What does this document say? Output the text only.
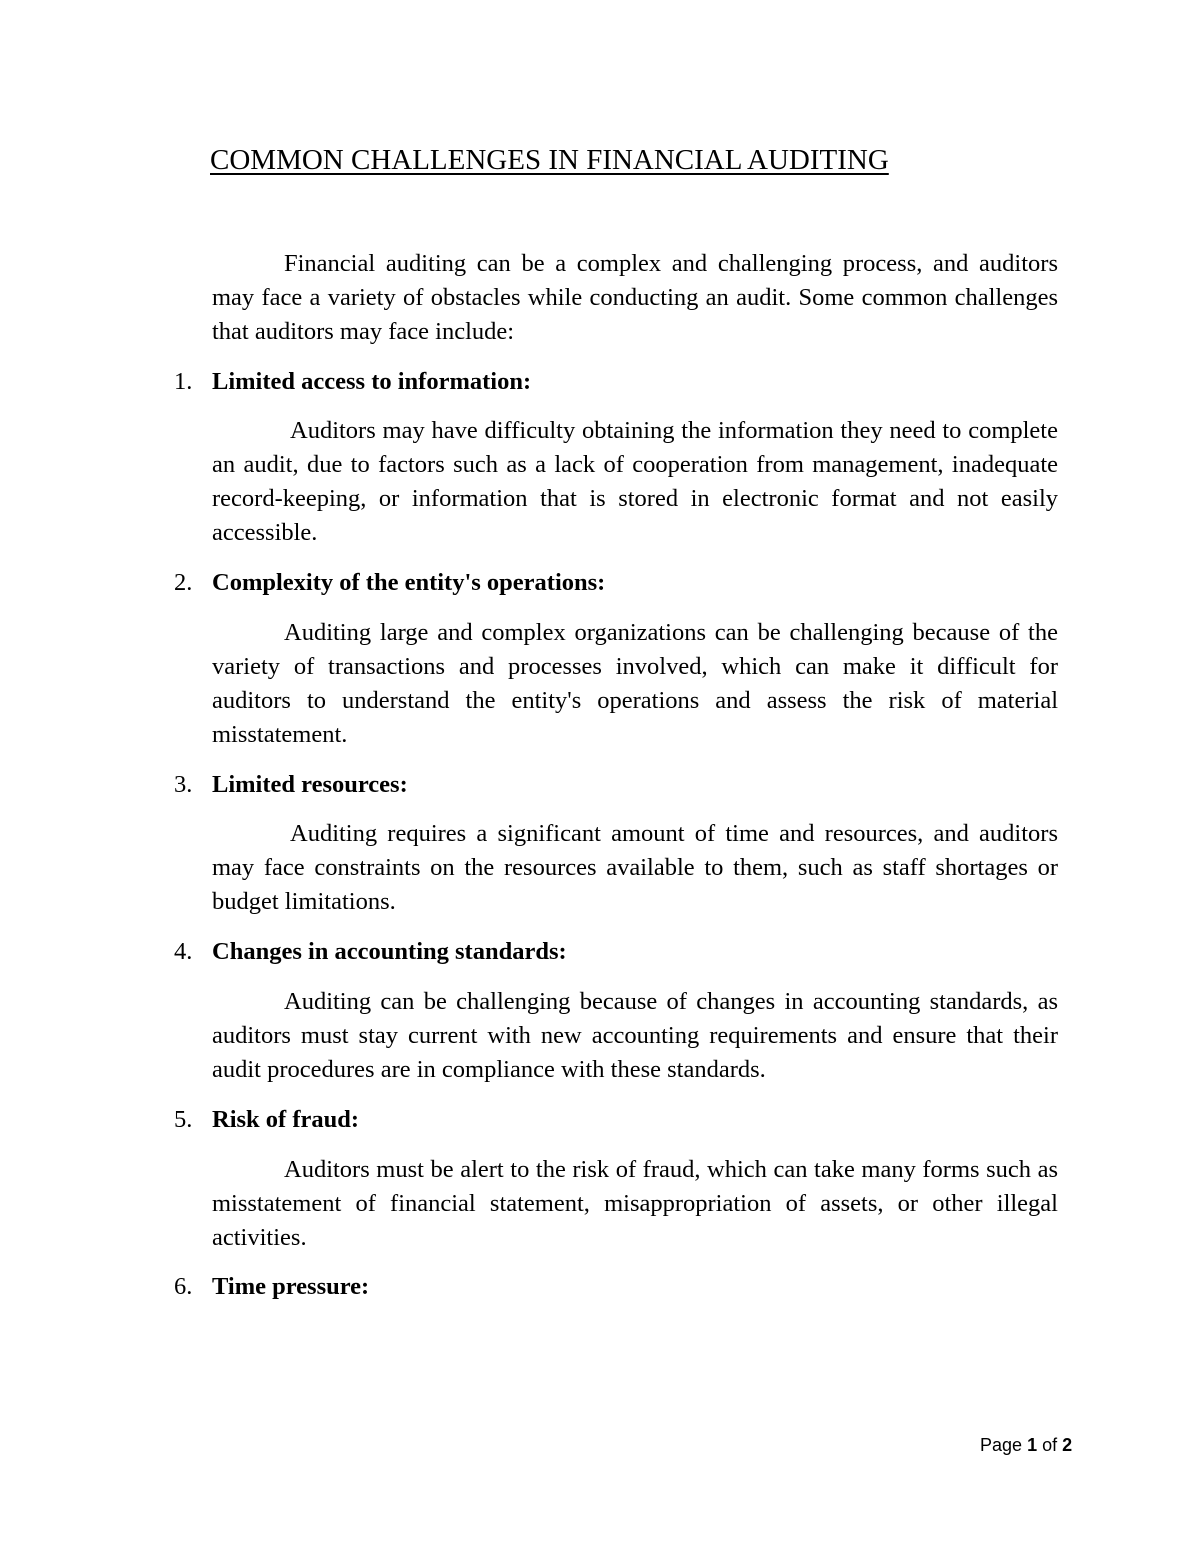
COMMON CHALLENGES IN FINANCIAL AUDITING

Financial auditing can be a complex and challenging process, and auditors may face a variety of obstacles while conducting an audit. Some common challenges that auditors may face include:

1. Limited access to information:

Auditors may have difficulty obtaining the information they need to complete an audit, due to factors such as a lack of cooperation from management, inadequate record-keeping, or information that is stored in electronic format and not easily accessible.

2. Complexity of the entity's operations:

Auditing large and complex organizations can be challenging because of the variety of transactions and processes involved, which can make it difficult for auditors to understand the entity's operations and assess the risk of material misstatement.

3. Limited resources:

Auditing requires a significant amount of time and resources, and auditors may face constraints on the resources available to them, such as staff shortages or budget limitations.

4. Changes in accounting standards:

Auditing can be challenging because of changes in accounting standards, as auditors must stay current with new accounting requirements and ensure that their audit procedures are in compliance with these standards.

5. Risk of fraud:

Auditors must be alert to the risk of fraud, which can take many forms such as misstatement of financial statement, misappropriation of assets, or other illegal activities.

6. Time pressure:
Page 1 of 2
